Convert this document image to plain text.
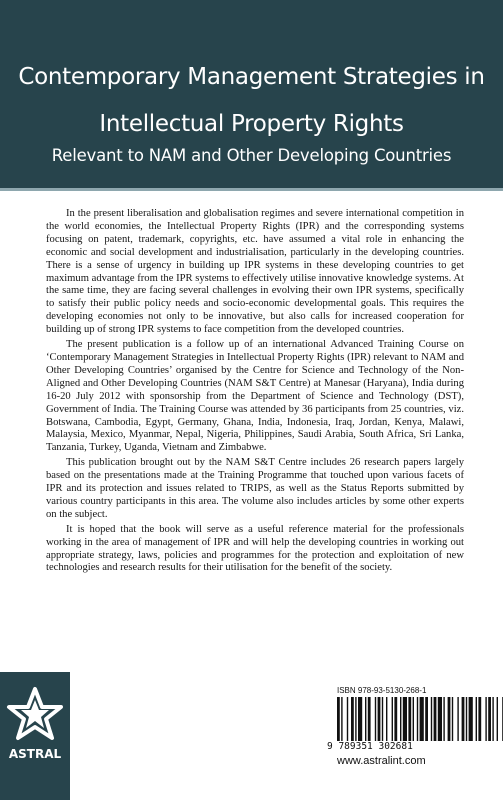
Contemporary Management Strategies in
Intellectual Property Rights
Relevant to NAM and Other Developing Countries

In the present liberalisation and globalisation regimes and severe international competition in the world economies, the Intellectual Property Rights (IPR) and the corresponding systems focusing on patent, trademark, copyrights, etc. have assumed a vital role in enhancing the economic and social development and industrialisation, particularly in the developing countries. There is a sense of urgency in building up IPR systems in these developing countries to get maximum advantage from the IPR systems to effectively utilise innovative knowledge systems. At the same time, they are facing several challenges in evolving their own IPR systems, specifically to satisfy their public policy needs and socio-economic developmental goals. This requires the developing economies not only to be innovative, but also calls for increased cooperation for building up of strong IPR systems to face competition from the developed countries.

The present publication is a follow up of an international Advanced Training Course on ‘Contemporary Management Strategies in Intellectual Property Rights (IPR) relevant to NAM and Other Developing Countries’ organised by the Centre for Science and Technology of the Non-Aligned and Other Developing Countries (NAM S&T Centre) at Manesar (Haryana), India during 16-20 July 2012 with sponsorship from the Department of Science and Technology (DST), Government of India. The Training Course was attended by 36 participants from 25 countries, viz. Botswana, Cambodia, Egypt, Germany, Ghana, India, Indonesia, Iraq, Jordan, Kenya, Malawi, Malaysia, Mexico, Myanmar, Nepal, Nigeria, Philippines, Saudi Arabia, South Africa, Sri Lanka, Tanzania, Turkey, Uganda, Vietnam and Zimbabwe.

This publication brought out by the NAM S&T Centre includes 26 research papers largely based on the presentations made at the Training Programme that touched upon various facets of IPR and its protection and issues related to TRIPS, as well as the Status Reports submitted by various country participants in this area. The volume also includes articles by some other experts on the subject.

It is hoped that the book will serve as a useful reference material for the professionals working in the area of management of IPR and will help the developing countries in working out appropriate strategy, laws, policies and programmes for the protection and exploitation of new technologies and research results for their utilisation for the benefit of the society.

ASTRAL
ISBN 978-93-5130-268-1
9 789351 302681
www.astralint.com
